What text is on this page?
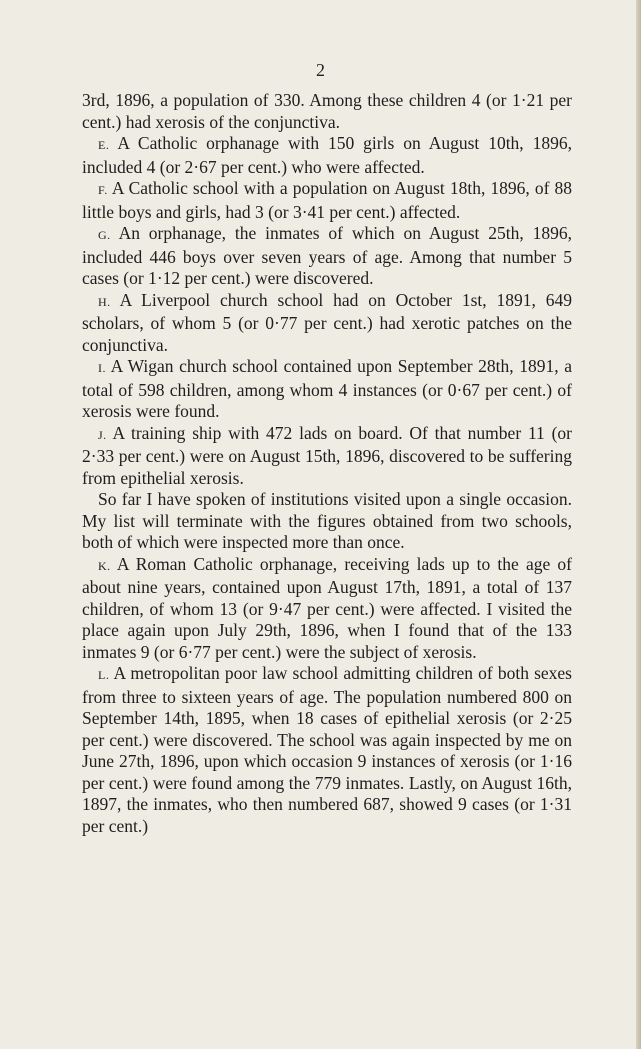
2

3rd, 1896, a population of 330. Among these children 4 (or 1·21 per cent.) had xerosis of the conjunctiva.

E. A Catholic orphanage with 150 girls on August 10th, 1896, included 4 (or 2·67 per cent.) who were affected.

F. A Catholic school with a population on August 18th, 1896, of 88 little boys and girls, had 3 (or 3·41 per cent.) affected.

G. An orphanage, the inmates of which on August 25th, 1896, included 446 boys over seven years of age. Among that number 5 cases (or 1·12 per cent.) were discovered.

H. A Liverpool church school had on October 1st, 1891, 649 scholars, of whom 5 (or 0·77 per cent.) had xerotic patches on the conjunctiva.

I. A Wigan church school contained upon September 28th, 1891, a total of 598 children, among whom 4 instances (or 0·67 per cent.) of xerosis were found.

J. A training ship with 472 lads on board. Of that number 11 (or 2·33 per cent.) were on August 15th, 1896, discovered to be suffering from epithelial xerosis.

So far I have spoken of institutions visited upon a single occasion. My list will terminate with the figures obtained from two schools, both of which were inspected more than once.

K. A Roman Catholic orphanage, receiving lads up to the age of about nine years, contained upon August 17th, 1891, a total of 137 children, of whom 13 (or 9·47 per cent.) were affected. I visited the place again upon July 29th, 1896, when I found that of the 133 inmates 9 (or 6·77 per cent.) were the subject of xerosis.

L. A metropolitan poor law school admitting children of both sexes from three to sixteen years of age. The population numbered 800 on September 14th, 1895, when 18 cases of epithelial xerosis (or 2·25 per cent.) were discovered. The school was again inspected by me on June 27th, 1896, upon which occasion 9 instances of xerosis (or 1·16 per cent.) were found among the 779 inmates. Lastly, on August 16th, 1897, the inmates, who then numbered 687, showed 9 cases (or 1·31 per cent.)
